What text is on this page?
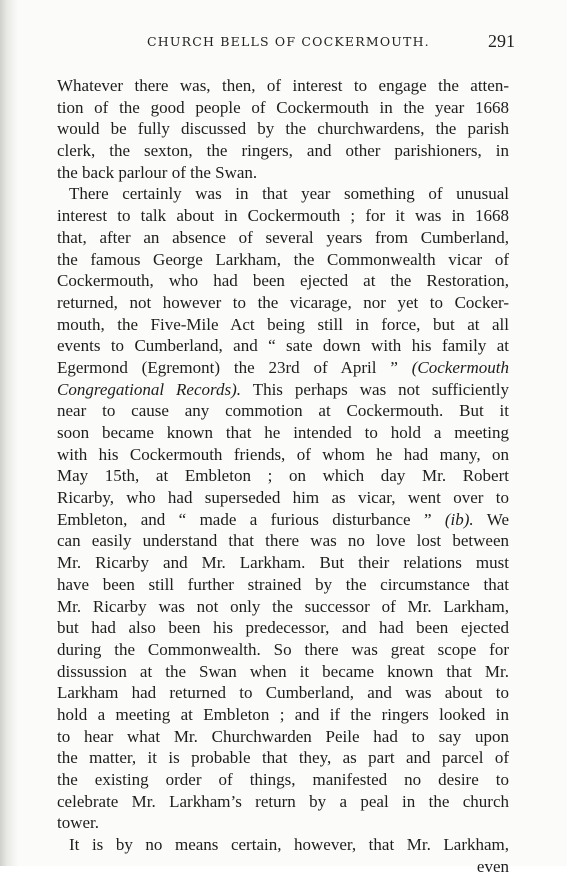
CHURCH BELLS OF COCKERMOUTH.	291
Whatever there was, then, of interest to engage the atten-
tion of the good people of Cockermouth in the year 1668
would be fully discussed by the churchwardens, the parish
clerk, the sexton, the ringers, and other parishioners, in
the back parlour of the Swan.
There certainly was in that year something of unusual
interest to talk about in Cockermouth ; for it was in 1668
that, after an absence of several years from Cumberland,
the famous George Larkham, the Commonwealth vicar of
Cockermouth, who had been ejected at the Restoration,
returned, not however to the vicarage, nor yet to Cocker-
mouth, the Five-Mile Act being still in force, but at all
events to Cumberland, and “ sate down with his family at
Egermond (Egremont) the 23rd of April ” (Cockermouth
Congregational Records). This perhaps was not sufficiently
near to cause any commotion at Cockermouth. But it
soon became known that he intended to hold a meeting
with his Cockermouth friends, of whom he had many, on
May 15th, at Embleton ; on which day Mr. Robert
Ricarby, who had superseded him as vicar, went over to
Embleton, and “ made a furious disturbance ” (ib). We
can easily understand that there was no love lost between
Mr. Ricarby and Mr. Larkham. But their relations must
have been still further strained by the circumstance that
Mr. Ricarby was not only the successor of Mr. Larkham,
but had also been his predecessor, and had been ejected
during the Commonwealth. So there was great scope for
dissussion at the Swan when it became known that Mr.
Larkham had returned to Cumberland, and was about to
hold a meeting at Embleton ; and if the ringers looked in
to hear what Mr. Churchwarden Peile had to say upon
the matter, it is probable that they, as part and parcel of
the existing order of things, manifested no desire to
celebrate Mr. Larkham’s return by a peal in the church
tower.
It is by no means certain, however, that Mr. Larkham,
even
